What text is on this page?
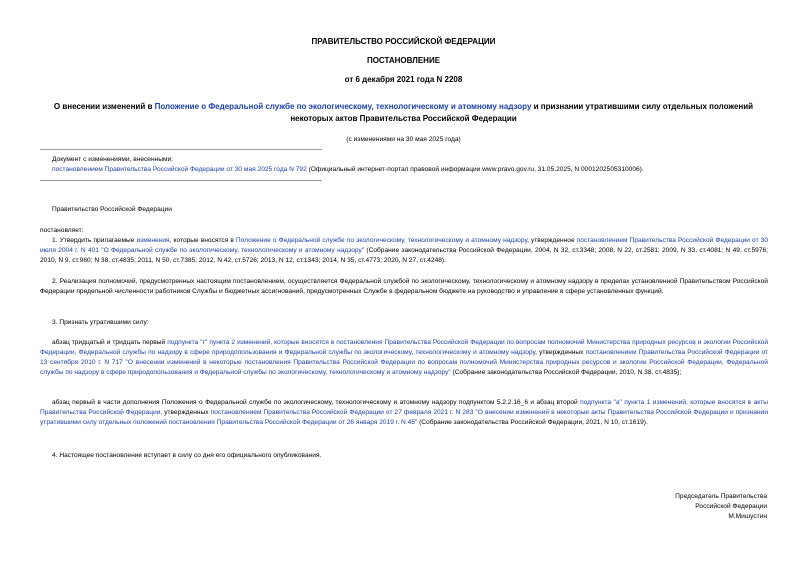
ПРАВИТЕЛЬСТВО РОССИЙСКОЙ ФЕДЕРАЦИИ
ПОСТАНОВЛЕНИЕ
от 6 декабря 2021 года N 2208
О внесении изменений в Положение о Федеральной службе по экологическому, технологическому и атомному надзору и признании утратившими силу отдельных положений некоторых актов Правительства Российской Федерации
(с изменениями на 30 мая 2025 года)
Документ с изменениями, внесенными:
постановлением Правительства Российской Федерации от 30 мая 2025 года N 792 (Официальный интернет-портал правовой информации www.pravo.gov.ru, 31.05.2025, N 0001202505310006).
Правительство Российской Федерации
постановляет:
1. Утвердить прилагаемые изменения, которые вносятся в Положение о Федеральной службе по экологическому, технологическому и атомному надзору, утвержденное постановлением Правительства Российской Федерации от 30 июля 2004 г. N 401 "О Федеральной службе по экологическому, технологическому и атомному надзору" (Собрание законодательства Российской Федерации, 2004, N 32, ст.3348; 2008, N 22, ст.2581; 2009, N 33, ст.4081; N 49, ст.5976; 2010, N 9, ст.960; N 38, ст.4835; 2011, N 50, ст.7385; 2012, N 42, ст.5726; 2013, N 12, ст.1343; 2014, N 35, ст.4773; 2020, N 27, ст.4248).
2. Реализация полномочий, предусмотренных настоящим постановлением, осуществляется Федеральной службой по экологическому, технологическому и атомному надзору в пределах установленной Правительством Российской Федерации предельной численности работников Службы и бюджетных ассигнований, предусмотренных Службе в федеральном бюджете на руководство и управление в сфере установленных функций.
3. Признать утратившими силу:
абзац тридцатый и тридцать первый подпункта "г" пункта 2 изменений, которые вносятся в постановления Правительства Российской Федерации по вопросам полномочий Министерства природных ресурсов и экологии Российской Федерации, Федеральной службы по надзору в сфере природопользования и Федеральной службы по экологическому, технологическому и атомному надзору, утвержденных постановлением Правительства Российской Федерации от 13 сентября 2010 г. N 717 "О внесении изменений в некоторые постановления Правительства Российской Федерации по вопросам полномочий Министерства природных ресурсов и экологии Российской Федерации, Федеральной службы по надзору в сфере природопользования и Федеральной службы по экологическому, технологическому и атомному надзору" (Собрание законодательства Российской Федерации, 2010, N 38, ст.4835);
абзац первый в части дополнения Положения о Федеральной службе по экологическому, технологическому и атомному надзору подпунктом 5.2.2.16_6 и абзац второй подпункта "а" пункта 1 изменений, которые вносятся в акты Правительства Российской Федерации, утвержденных постановлением Правительства Российской Федерации от 27 февраля 2021 г. N 283 "О внесении изменений в некоторые акты Правительства Российской Федерации и признании утратившими силу отдельных положений постановления Правительства Российской Федерации от 26 января 2019 г. N 45" (Собрание законодательства Российской Федерации, 2021, N 10, ст.1619).
4. Настоящее постановление вступает в силу со дня его официального опубликования.
Председатель Правительства
Российской Федерации
М.Мишустин
